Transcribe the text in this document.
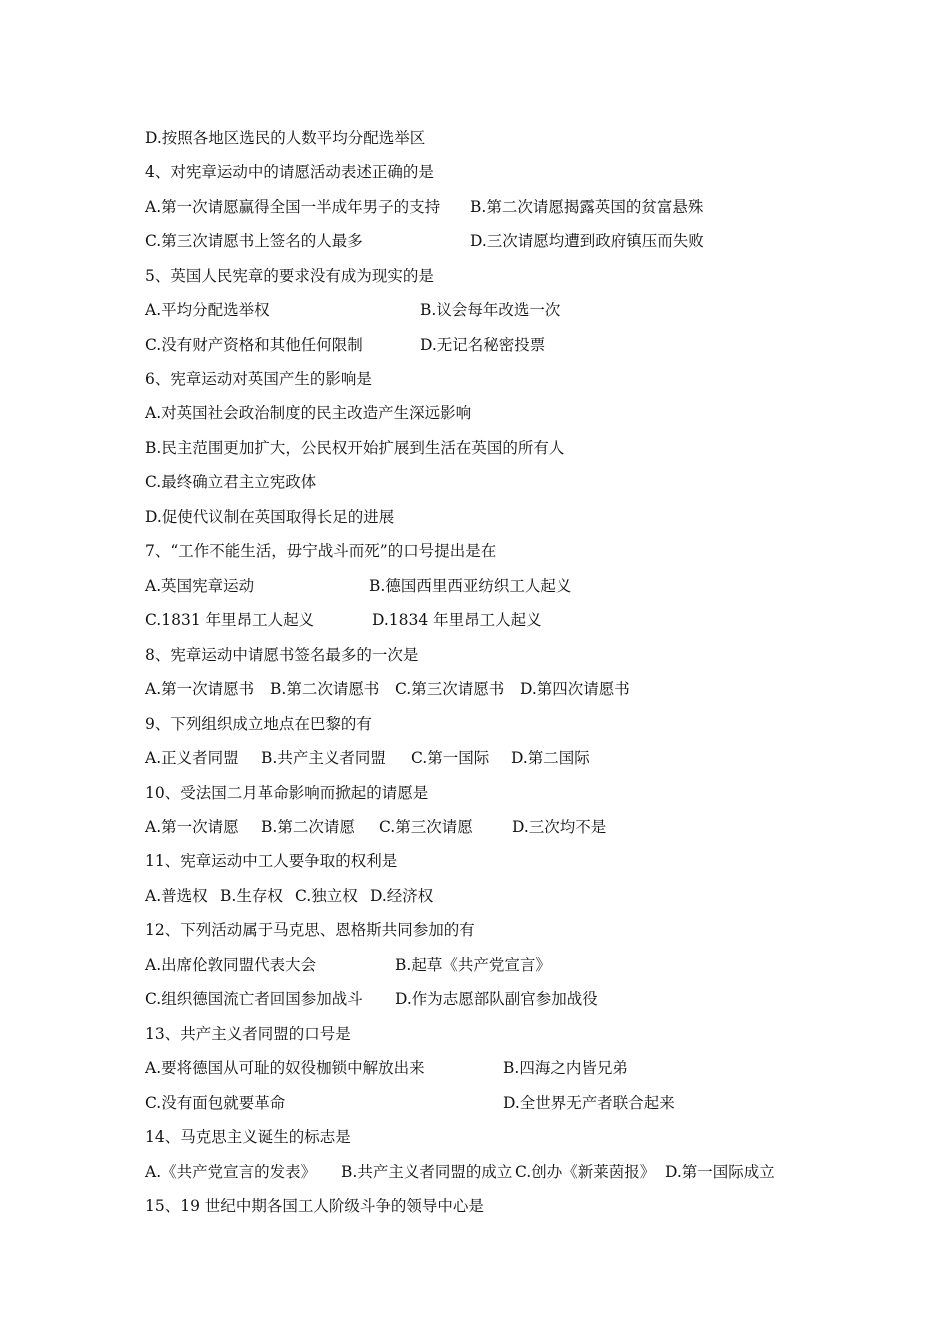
D.按照各地区选民的人数平均分配选举区
4、对宪章运动中的请愿活动表述正确的是
A.第一次请愿赢得全国一半成年男子的支持 B.第二次请愿揭露英国的贫富悬殊
C.第三次请愿书上签名的人最多	D.三次请愿均遭到政府镇压而失败
5、英国人民宪章的要求没有成为现实的是
A.平均分配选举权	B.议会每年改选一次
C.没有财产资格和其他任何限制	D.无记名秘密投票
6、宪章运动对英国产生的影响是
A.对英国社会政治制度的民主改造产生深远影响
B.民主范围更加扩大，公民权开始扩展到生活在英国的所有人
C.最终确立君主立宪政体
D.促使代议制在英国取得长足的进展
7、“工作不能生活，毋宁战斗而死”的口号提出是在
A.英国宪章运动	B.德国西里西亚纺织工人起义
C.1831 年里昂工人起义	D.1834 年里昂工人起义
8、宪章运动中请愿书签名最多的一次是
A.第一次请愿书 B.第二次请愿书 C.第三次请愿书 D.第四次请愿书
9、下列组织成立地点在巴黎的有
A.正义者同盟 B.共产主义者同盟 C.第一国际 D.第二国际
10、受法国二月革命影响而掀起的请愿是
A.第一次请愿 B.第二次请愿 C.第三次请愿	D.三次均不是
11、宪章运动中工人要争取的权利是
A.普选权 B.生存权 C.独立权 D.经济权
12、下列活动属于马克思、恩格斯共同参加的有
A.出席伦敦同盟代表大会	B.起草《共产党宣言》
C.组织德国流亡者回国参加战斗 D.作为志愿部队副官参加战役
13、共产主义者同盟的口号是
A.要将德国从可耻的奴役枷锁中解放出来	B.四海之内皆兄弟
C.没有面包就要革命	D.全世界无产者联合起来
14、马克思主义诞生的标志是
A.《共产党宣言的发表》 B.共产主义者同盟的成立 C.创办《新莱茵报》 D.第一国际成立
15、19 世纪中期各国工人阶级斗争的领导中心是
